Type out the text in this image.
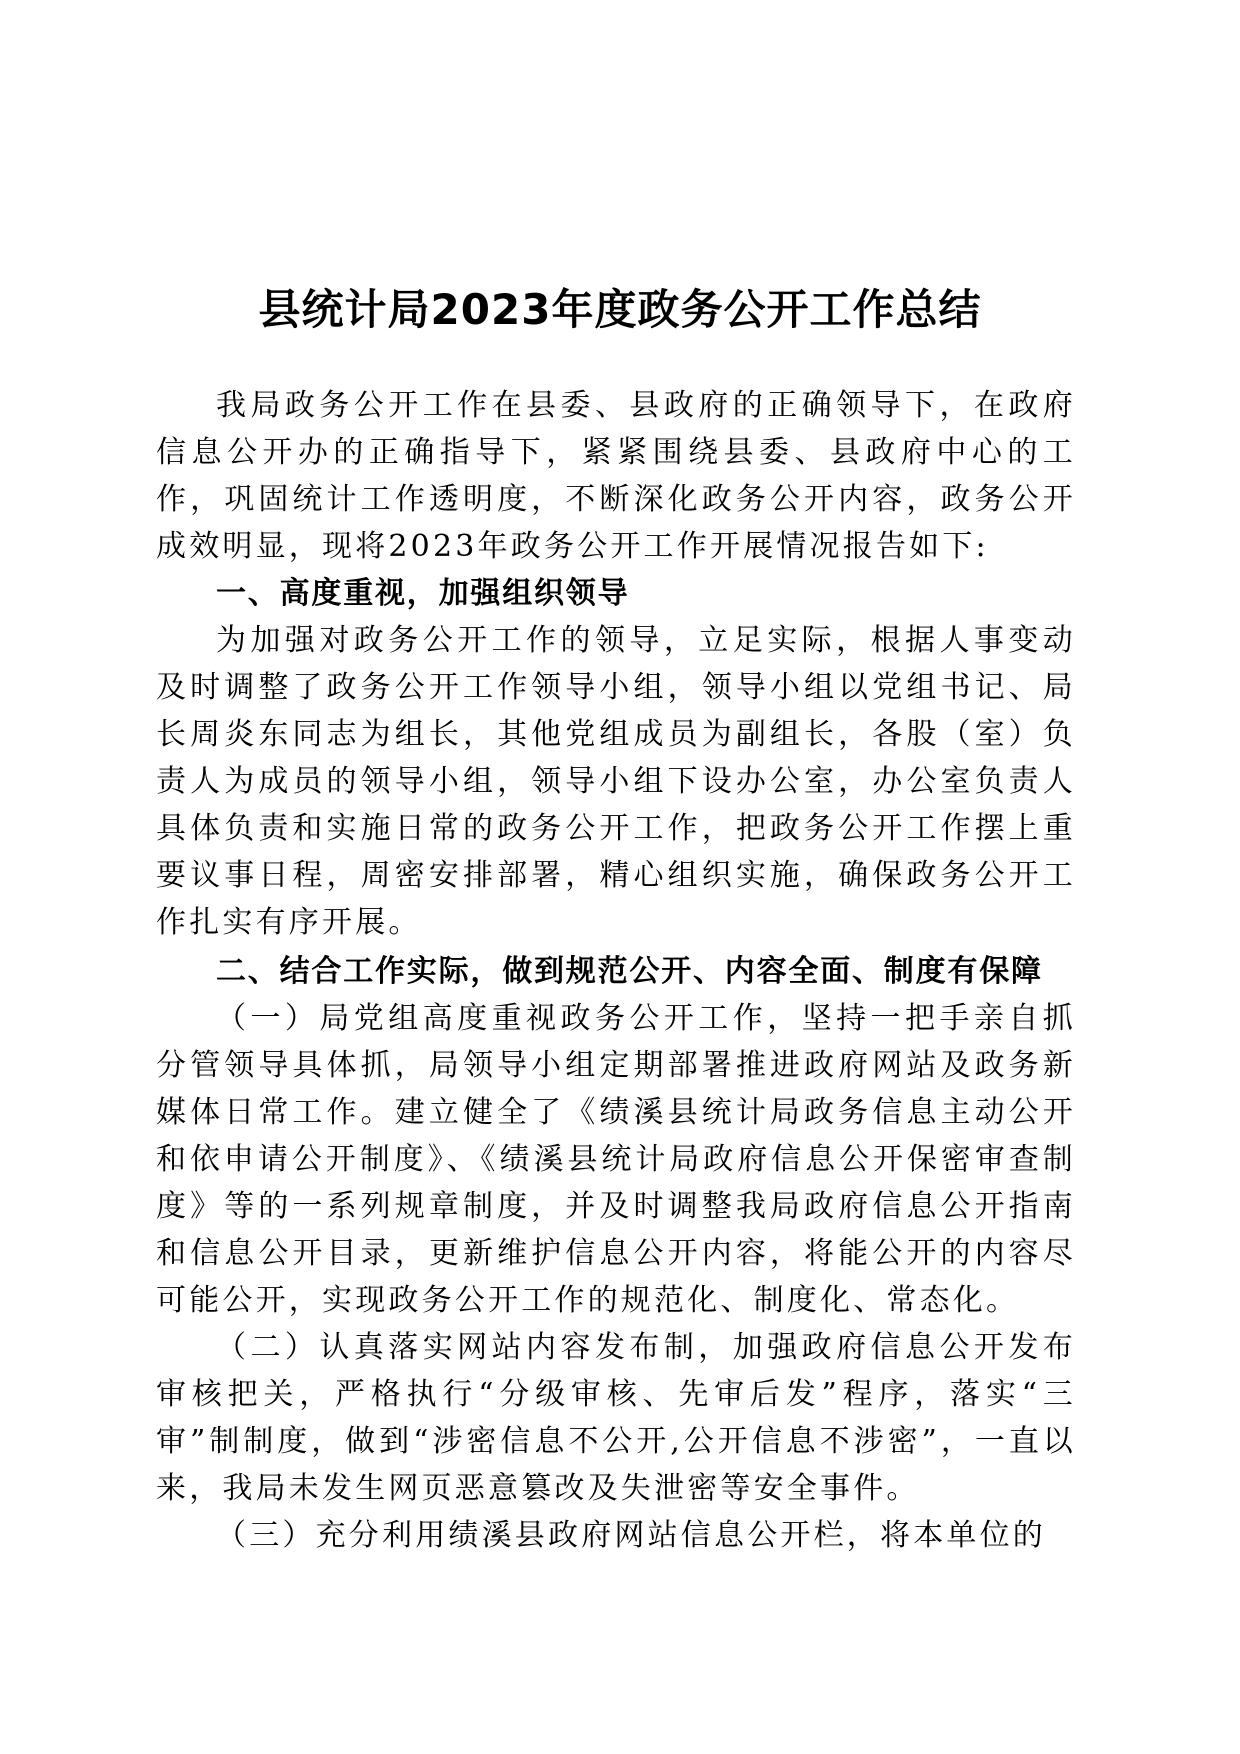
县统计局2023年度政务公开工作总结

我局政务公开工作在县委、县政府的正确领导下，在政府信息公开办的正确指导下，紧紧围绕县委、县政府中心的工作，巩固统计工作透明度，不断深化政务公开内容，政务公开成效明显，现将2023年政务公开工作开展情况报告如下:

一、高度重视，加强组织领导

为加强对政务公开工作的领导，立足实际，根据人事变动及时调整了政务公开工作领导小组，领导小组以党组书记、局长周炎东同志为组长，其他党组成员为副组长，各股（室）负责人为成员的领导小组，领导小组下设办公室，办公室负责人具体负责和实施日常的政务公开工作，把政务公开工作摆上重要议事日程，周密安排部署，精心组织实施，确保政务公开工作扎实有序开展。

二、结合工作实际，做到规范公开、内容全面、制度有保障

（一）局党组高度重视政务公开工作，坚持一把手亲自抓分管领导具体抓，局领导小组定期部署推进政府网站及政务新媒体日常工作。建立健全了《绩溪县统计局政务信息主动公开和依申请公开制度》、《绩溪县统计局政府信息公开保密审查制度》等的一系列规章制度，并及时调整我局政府信息公开指南和信息公开目录，更新维护信息公开内容，将能公开的内容尽可能公开，实现政务公开工作的规范化、制度化、常态化。

（二）认真落实网站内容发布制，加强政府信息公开发布审核把关，严格执行“分级审核、先审后发”程序，落实“三审”制制度，做到“涉密信息不公开,公开信息不涉密”，一直以来，我局未发生网页恶意篡改及失泄密等安全事件。

（三）充分利用绩溪县政府网站信息公开栏，将本单位的
